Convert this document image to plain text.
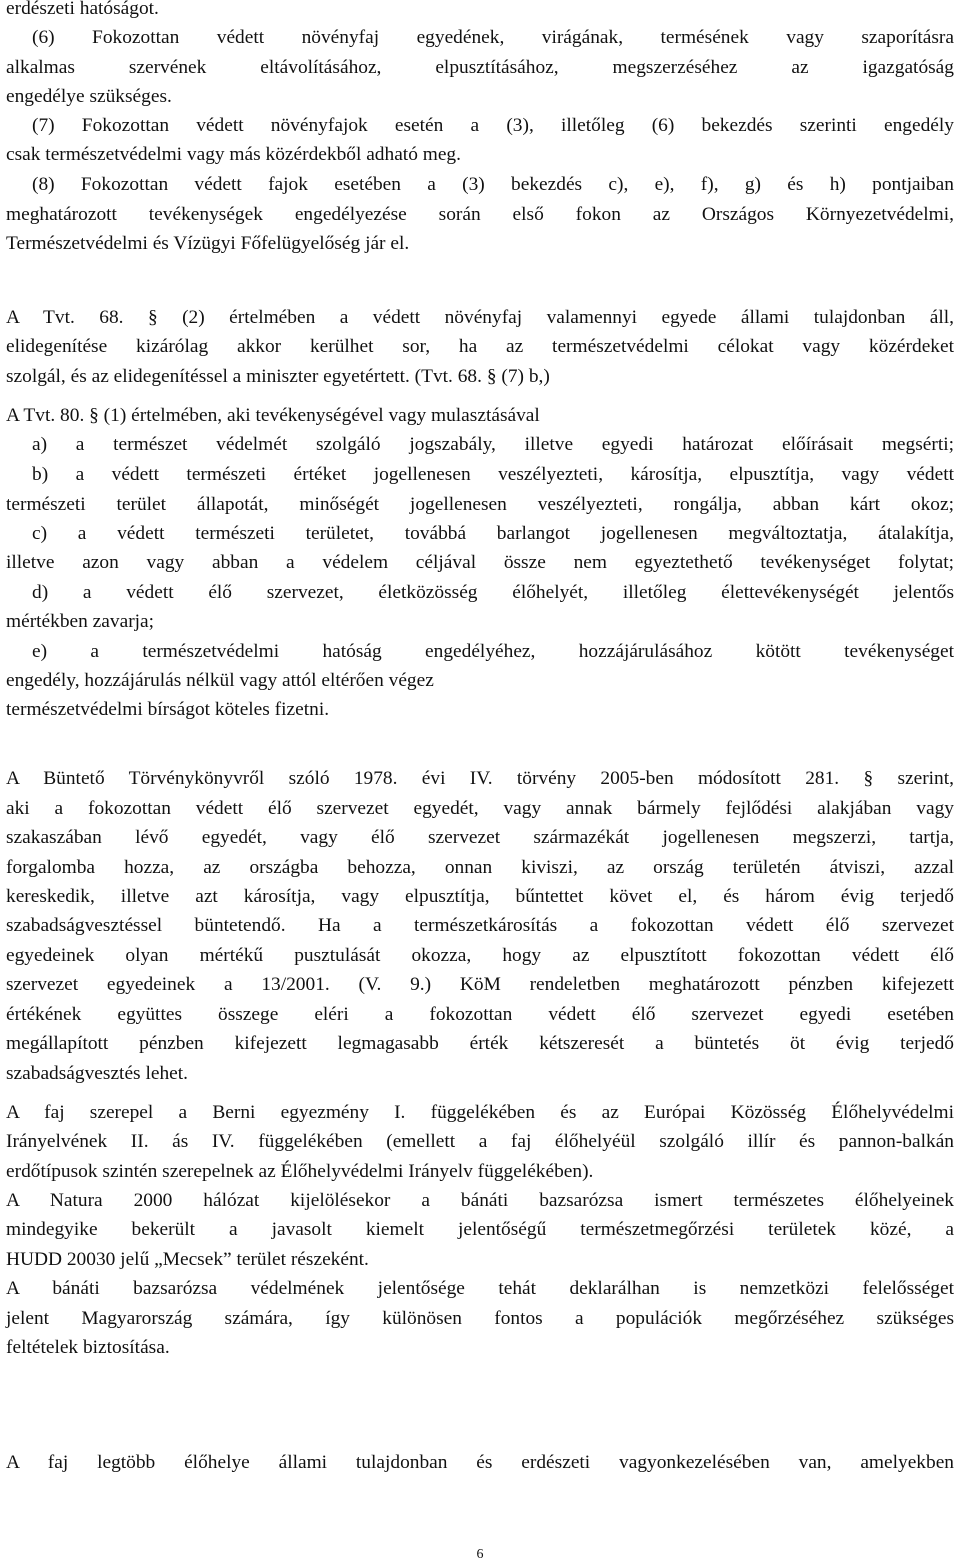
erdészeti hatóságot.
(6) Fokozottan védett növényfaj egyedének, virágának, termésének vagy szaporításra
alkalmas szervének eltávolításához, elpusztításához, megszerzéséhez az igazgatóság
engedélye szükséges.
(7) Fokozottan védett növényfajok esetén a (3), illetőleg (6) bekezdés szerinti engedély
csak természetvédelmi vagy más közérdekből adható meg.
(8) Fokozottan védett fajok esetében a (3) bekezdés c), e), f), g) és h) pontjaiban
meghatározott tevékenységek engedélyezése során első fokon az Országos Környezetvédelmi,
Természetvédelmi és Vízügyi Főfelügyelőség jár el.
A Tvt. 68. § (2) értelmében a védett növényfaj valamennyi egyede állami tulajdonban áll,
elidegenítése kizárólag akkor kerülhet sor, ha az természetvédelmi célokat vagy közérdeket
szolgál, és az elidegenítéssel a miniszter egyetértett. (Tvt. 68. § (7) b,)
A Tvt. 80. § (1) értelmében, aki tevékenységével vagy mulasztásával
a) a természet védelmét szolgáló jogszabály, illetve egyedi határozat előírásait megsérti;
b) a védett természeti értéket jogellenesen veszélyezteti, károsítja, elpusztítja, vagy védett
természeti terület állapotát, minőségét jogellenesen veszélyezteti, rongálja, abban kárt okoz;
c) a védett természeti területet, továbbá barlangot jogellenesen megváltoztatja, átalakítja,
illetve azon vagy abban a védelem céljával össze nem egyeztethető tevékenységet folytat;
d) a védett élő szervezet, életközösség élőhelyét, illetőleg élettevékenységét jelentős
mértékben zavarja;
e) a természetvédelmi hatóság engedélyéhez, hozzájárulásához kötött tevékenységet
engedély, hozzájárulás nélkül vagy attól eltérően végez
természetvédelmi bírságot köteles fizetni.
A Büntető Törvénykönyvről szóló 1978. évi IV. törvény 2005-ben módosított 281. § szerint,
aki a fokozottan védett élő szervezet egyedét, vagy annak bármely fejlődési alakjában vagy
szakaszában lévő egyedét, vagy élő szervezet származékát jogellenesen megszerzi, tartja,
forgalomba hozza, az országba behozza, onnan kiviszi, az ország területén átviszi, azzal
kereskedik, illetve azt károsítja, vagy elpusztítja, bűntettet követ el, és három évig terjedő
szabadságvesztéssel büntetendő. Ha a természetkárosítás a fokozottan védett élő szervezet
egyedeinek olyan mértékű pusztulását okozza, hogy az elpusztított fokozottan védett élő
szervezet egyedeinek a 13/2001. (V. 9.) KöM rendeletben meghatározott pénzben kifejezett
értékének együttes összege eléri a fokozottan védett élő szervezet egyedi esetében
megállapított pénzben kifejezett legmagasabb érték kétszeresét a büntetés öt évig terjedő
szabadságvesztés lehet.
A faj szerepel a Berni egyezmény I. függelékében és az Európai Közösség Élőhelyvédelmi
Irányelvének II. ás IV. függelékében (emellett a faj élőhelyéül szolgáló illír és pannon-balkán
erdőtípusok szintén szerepelnek az Élőhelyvédelmi Irányelv függelékében).
A Natura 2000 hálózat kijelölésekor a bánáti bazsarózsa ismert természetes élőhelyeinek
mindegyike bekerült a javasolt kiemelt jelentőségű természetmegőrzési területek közé, a
HUDD 20030 jelű „Mecsek” terület részeként.
A bánáti bazsarózsa védelmének jelentősége tehát deklarálhan is nemzetközi felelősséget
jelent Magyarország számára, így különösen fontos a populációk megőrzéséhez szükséges
feltételek biztosítása.
A faj legtöbb élőhelye állami tulajdonban és erdészeti vagyonkezelésében van, amelyekben
6
